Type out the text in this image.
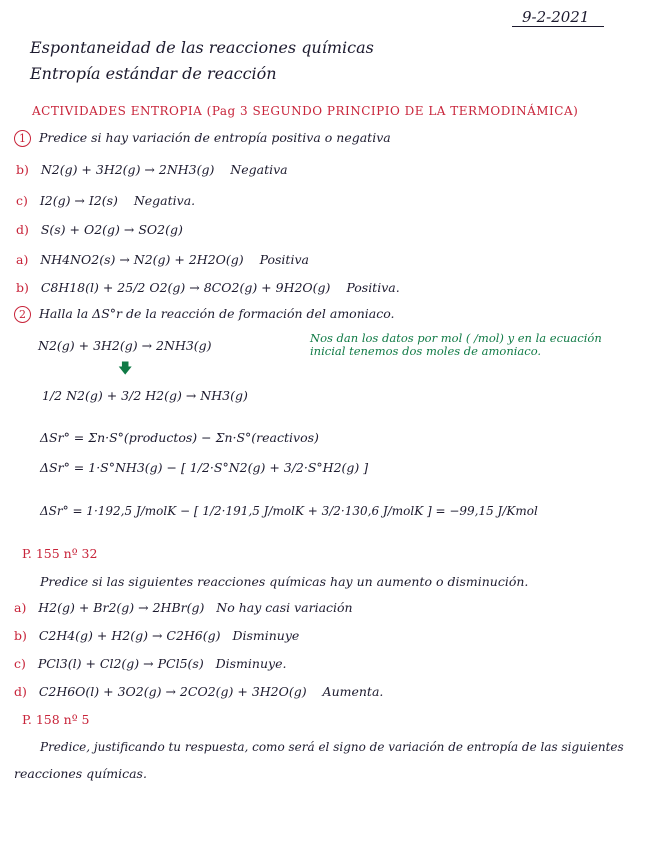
9-2-2021
Espontaneidad de las reacciones químicas
Entropía estándar de reacción
ACTIVIDADES ENTROPIA (Pag 3 SEGUNDO PRINCIPIO DE LA TERMODINÁMICA)
1 Predice si hay variación de entropía positiva o negativa
b) N2(g) + 3H2(g) → 2NH3(g) Negativa
c) I2(g) → I2(s) Negativa.
d) S(s) + O2(g) → SO2(g)
a) NH4NO2(s) → N2(g) + 2H2O(g) Positiva
b) C8H18(l) + 25/2 O2(g) → 8CO2(g) + 9H2O(g) Positiva.
2 Halla la ΔS°r de la reacción de formación del amoniaco.
N2(g) + 3H2(g) → 2NH3(g)	Nos dan los datos por mol ( /mol) y en la ecuación inicial tenemos dos moles de amoniaco.
🡇
1/2 N2(g) + 3/2 H2(g) → NH3(g)
ΔSr° = Σn·S°(productos) − Σn·S°(reactivos)
ΔSr° = 1·S°NH3(g) − [ 1/2·S°N2(g) + 3/2·S°H2(g) ]
ΔSr° = 1·192,5 J/molK − [ 1/2·191,5 J/molK + 3/2·130,6 J/molK ] = −99,15 J/Kmol
P. 155 nº 32
Predice si las siguientes reacciones químicas hay un aumento o disminución.
a) H2(g) + Br2(g) → 2HBr(g) No hay casi variación
b) C2H4(g) + H2(g) → C2H6(g) Disminuye
c) PCl3(l) + Cl2(g) → PCl5(s) Disminuye.
d) C2H6O(l) + 3O2(g) → 2CO2(g) + 3H2O(g) Aumenta.
P. 158 nº 5
Predice, justificando tu respuesta, como será el signo de variación de entropía de las siguientes
reacciones químicas.
